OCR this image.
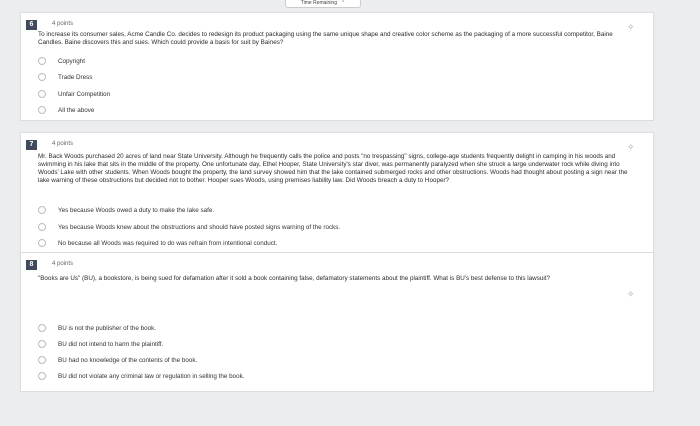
Time Remaining ⌃
6	4 points	✧
To increase its consumer sales, Acme Candle Co. decides to redesign its product packaging using the same unique shape and creative color scheme as the packaging of a more successful competitor, Baine Candles. Baine discovers this and sues. Which could provide a basis for suit by Baines?
Copyright
Trade Dress
Unfair Competition
All the above
7	4 points	✧
Mr. Back Woods purchased 20 acres of land near State University. Although he frequently calls the police and posts "no trespassing" signs, college-age students frequently delight in camping in his woods and swimming in his lake that sits in the middle of the property. One unfortunate day, Ethel Hooper, State University's star diver, was permanently paralyzed when she struck a large underwater rock while diving into Woods' Lake with other students. When Woods bought the property, the land survey showed him that the lake contained submerged rocks and other obstructions. Woods had thought about posting a sign near the lake warning of these obstructions but decided not to bother. Hooper sues Woods, using premises liability law. Did Woods breach a duty to Hooper?
Yes because Woods owed a duty to make the lake safe.
Yes because Woods knew about the obstructions and should have posted signs warning of the rocks.
No because all Woods was required to do was refrain from intentional conduct.
8	4 points
✧
"Books are Us" (BU), a bookstore, is being sued for defamation after it sold a book containing false, defamatory statements about the plaintiff. What is BU's best defense to this lawsuit?
BU is not the publisher of the book.
BU did not intend to harm the plaintiff.
BU had no knowledge of the contents of the book.
BU did not violate any criminal law or regulation in selling the book.
